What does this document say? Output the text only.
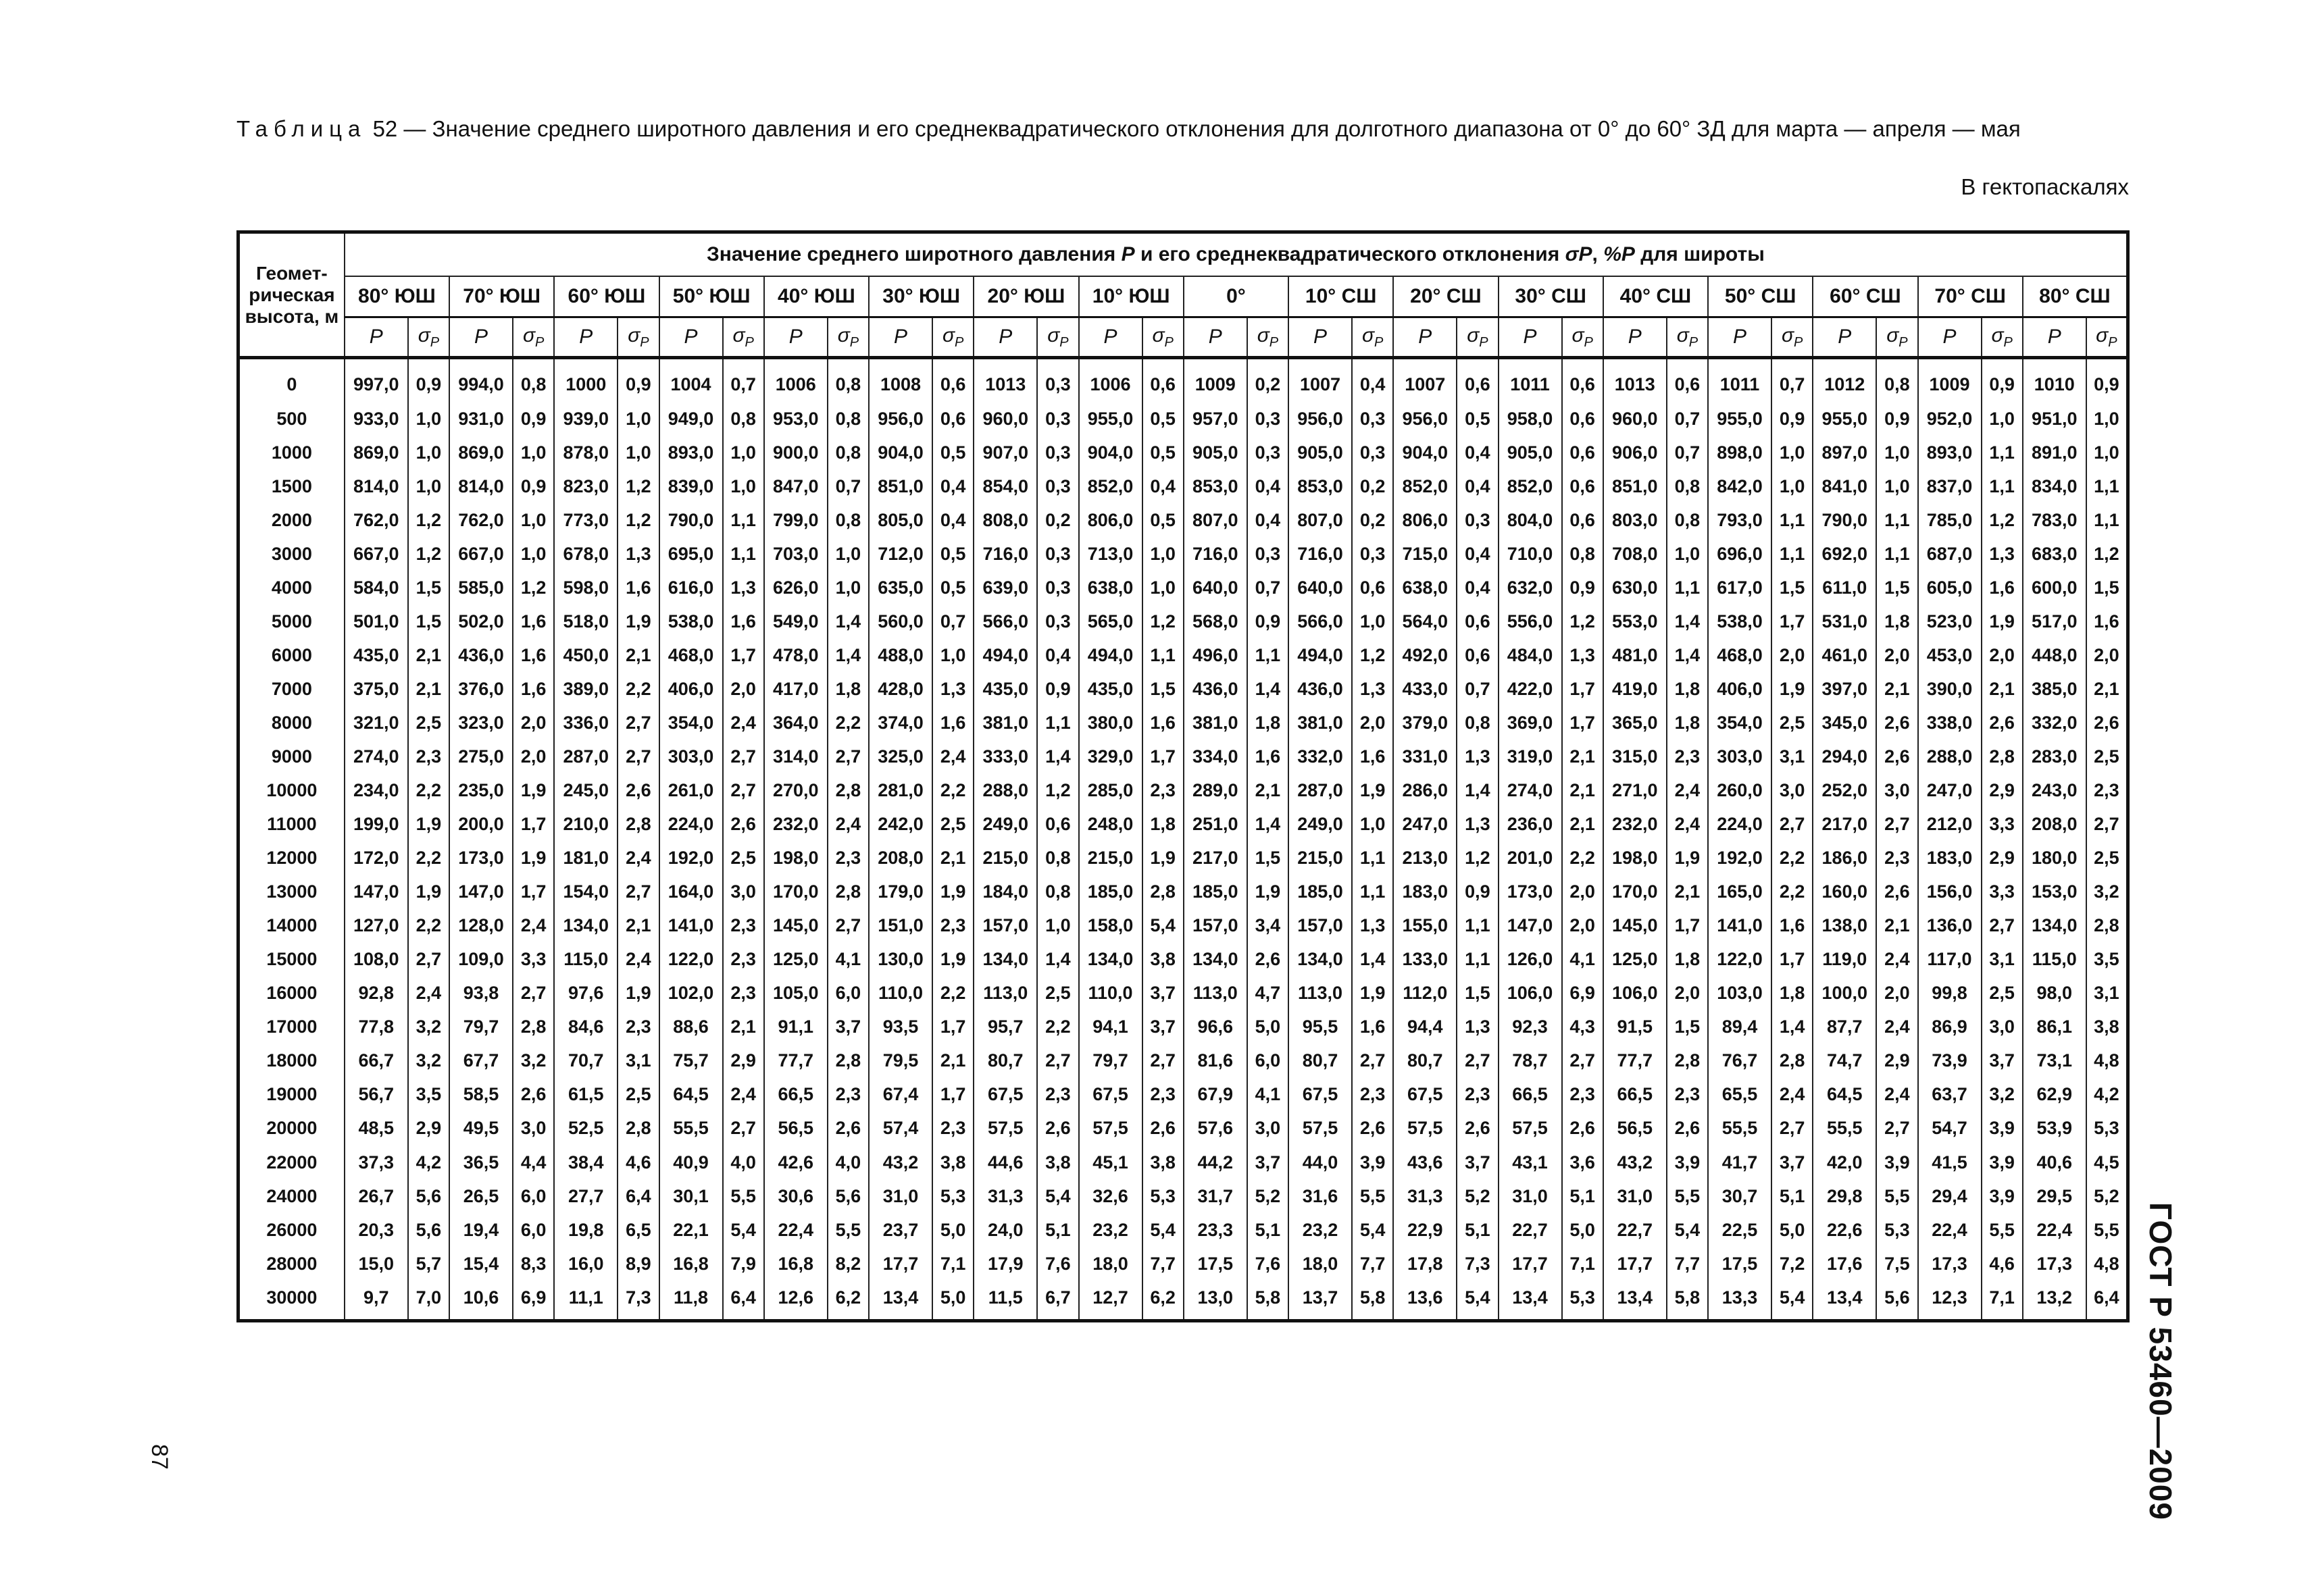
Таблица 52 — Значение среднего широтного давления и его среднеквадратического отклонения для долготного диапазона от 0° до 60° ЗД для марта — апреля — мая
В гектопаскалях
Геомет-рическая высота, м	Значение среднего широтного давления P и его среднеквадратического отклонения σP, %P для широты																																	
	80° ЮШ		70° ЮШ		60° ЮШ		50° ЮШ		40° ЮШ		30° ЮШ		20° ЮШ		10° ЮШ		0°		10° СШ		20° СШ		30° СШ		40° СШ		50° СШ		60° СШ		70° СШ		80° СШ	
	P	$\sigma_P$	P	$\sigma_P$	P	$\sigma_P$	P	$\sigma_P$	P	$\sigma_P$	P	$\sigma_P$	P	$\sigma_P$	P	$\sigma_P$	P	$\sigma_P$	P	$\sigma_P$	P	$\sigma_P$	P	$\sigma_P$	P	$\sigma_P$	P	$\sigma_P$	P	$\sigma_P$	P	$\sigma_P$	P	$\sigma_P$
0	997,0	0,9	994,0	0,8	1000	0,9	1004	0,7	1006	0,8	1008	0,6	1013	0,3	1006	0,6	1009	0,2	1007	0,4	1007	0,6	1011	0,6	1013	0,6	1011	0,7	1012	0,8	1009	0,9	1010	0,9
500	933,0	1,0	931,0	0,9	939,0	1,0	949,0	0,8	953,0	0,8	956,0	0,6	960,0	0,3	955,0	0,5	957,0	0,3	956,0	0,3	956,0	0,5	958,0	0,6	960,0	0,7	955,0	0,9	955,0	0,9	952,0	1,0	951,0	1,0
1000	869,0	1,0	869,0	1,0	878,0	1,0	893,0	1,0	900,0	0,8	904,0	0,5	907,0	0,3	904,0	0,5	905,0	0,3	905,0	0,3	904,0	0,4	905,0	0,6	906,0	0,7	898,0	1,0	897,0	1,0	893,0	1,1	891,0	1,0
1500	814,0	1,0	814,0	0,9	823,0	1,2	839,0	1,0	847,0	0,7	851,0	0,4	854,0	0,3	852,0	0,4	853,0	0,4	853,0	0,2	852,0	0,4	852,0	0,6	851,0	0,8	842,0	1,0	841,0	1,0	837,0	1,1	834,0	1,1
2000	762,0	1,2	762,0	1,0	773,0	1,2	790,0	1,1	799,0	0,8	805,0	0,4	808,0	0,2	806,0	0,5	807,0	0,4	807,0	0,2	806,0	0,3	804,0	0,6	803,0	0,8	793,0	1,1	790,0	1,1	785,0	1,2	783,0	1,1
3000	667,0	1,2	667,0	1,0	678,0	1,3	695,0	1,1	703,0	1,0	712,0	0,5	716,0	0,3	713,0	1,0	716,0	0,3	716,0	0,3	715,0	0,4	710,0	0,8	708,0	1,0	696,0	1,1	692,0	1,1	687,0	1,3	683,0	1,2
4000	584,0	1,5	585,0	1,2	598,0	1,6	616,0	1,3	626,0	1,0	635,0	0,5	639,0	0,3	638,0	1,0	640,0	0,7	640,0	0,6	638,0	0,4	632,0	0,9	630,0	1,1	617,0	1,5	611,0	1,5	605,0	1,6	600,0	1,5
5000	501,0	1,5	502,0	1,6	518,0	1,9	538,0	1,6	549,0	1,4	560,0	0,7	566,0	0,3	565,0	1,2	568,0	0,9	566,0	1,0	564,0	0,6	556,0	1,2	553,0	1,4	538,0	1,7	531,0	1,8	523,0	1,9	517,0	1,6
6000	435,0	2,1	436,0	1,6	450,0	2,1	468,0	1,7	478,0	1,4	488,0	1,0	494,0	0,4	494,0	1,1	496,0	1,1	494,0	1,2	492,0	0,6	484,0	1,3	481,0	1,4	468,0	2,0	461,0	2,0	453,0	2,0	448,0	2,0
7000	375,0	2,1	376,0	1,6	389,0	2,2	406,0	2,0	417,0	1,8	428,0	1,3	435,0	0,9	435,0	1,5	436,0	1,4	436,0	1,3	433,0	0,7	422,0	1,7	419,0	1,8	406,0	1,9	397,0	2,1	390,0	2,1	385,0	2,1
8000	321,0	2,5	323,0	2,0	336,0	2,7	354,0	2,4	364,0	2,2	374,0	1,6	381,0	1,1	380,0	1,6	381,0	1,8	381,0	2,0	379,0	0,8	369,0	1,7	365,0	1,8	354,0	2,5	345,0	2,6	338,0	2,6	332,0	2,6
9000	274,0	2,3	275,0	2,0	287,0	2,7	303,0	2,7	314,0	2,7	325,0	2,4	333,0	1,4	329,0	1,7	334,0	1,6	332,0	1,6	331,0	1,3	319,0	2,1	315,0	2,3	303,0	3,1	294,0	2,6	288,0	2,8	283,0	2,5
10000	234,0	2,2	235,0	1,9	245,0	2,6	261,0	2,7	270,0	2,8	281,0	2,2	288,0	1,2	285,0	2,3	289,0	2,1	287,0	1,9	286,0	1,4	274,0	2,1	271,0	2,4	260,0	3,0	252,0	3,0	247,0	2,9	243,0	2,3
11000	199,0	1,9	200,0	1,7	210,0	2,8	224,0	2,6	232,0	2,4	242,0	2,5	249,0	0,6	248,0	1,8	251,0	1,4	249,0	1,0	247,0	1,3	236,0	2,1	232,0	2,4	224,0	2,7	217,0	2,7	212,0	3,3	208,0	2,7
12000	172,0	2,2	173,0	1,9	181,0	2,4	192,0	2,5	198,0	2,3	208,0	2,1	215,0	0,8	215,0	1,9	217,0	1,5	215,0	1,1	213,0	1,2	201,0	2,2	198,0	1,9	192,0	2,2	186,0	2,3	183,0	2,9	180,0	2,5
13000	147,0	1,9	147,0	1,7	154,0	2,7	164,0	3,0	170,0	2,8	179,0	1,9	184,0	0,8	185,0	2,8	185,0	1,9	185,0	1,1	183,0	0,9	173,0	2,0	170,0	2,1	165,0	2,2	160,0	2,6	156,0	3,3	153,0	3,2
14000	127,0	2,2	128,0	2,4	134,0	2,1	141,0	2,3	145,0	2,7	151,0	2,3	157,0	1,0	158,0	5,4	157,0	3,4	157,0	1,3	155,0	1,1	147,0	2,0	145,0	1,7	141,0	1,6	138,0	2,1	136,0	2,7	134,0	2,8
15000	108,0	2,7	109,0	3,3	115,0	2,4	122,0	2,3	125,0	4,1	130,0	1,9	134,0	1,4	134,0	3,8	134,0	2,6	134,0	1,4	133,0	1,1	126,0	4,1	125,0	1,8	122,0	1,7	119,0	2,4	117,0	3,1	115,0	3,5
16000	92,8	2,4	93,8	2,7	97,6	1,9	102,0	2,3	105,0	6,0	110,0	2,2	113,0	2,5	110,0	3,7	113,0	4,7	113,0	1,9	112,0	1,5	106,0	6,9	106,0	2,0	103,0	1,8	100,0	2,0	99,8	2,5	98,0	3,1
17000	77,8	3,2	79,7	2,8	84,6	2,3	88,6	2,1	91,1	3,7	93,5	1,7	95,7	2,2	94,1	3,7	96,6	5,0	95,5	1,6	94,4	1,3	92,3	4,3	91,5	1,5	89,4	1,4	87,7	2,4	86,9	3,0	86,1	3,8
18000	66,7	3,2	67,7	3,2	70,7	3,1	75,7	2,9	77,7	2,8	79,5	2,1	80,7	2,7	79,7	2,7	81,6	6,0	80,7	2,7	80,7	2,7	78,7	2,7	77,7	2,8	76,7	2,8	74,7	2,9	73,9	3,7	73,1	4,8
19000	56,7	3,5	58,5	2,6	61,5	2,5	64,5	2,4	66,5	2,3	67,4	1,7	67,5	2,3	67,5	2,3	67,9	4,1	67,5	2,3	67,5	2,3	66,5	2,3	66,5	2,3	65,5	2,4	64,5	2,4	63,7	3,2	62,9	4,2
20000	48,5	2,9	49,5	3,0	52,5	2,8	55,5	2,7	56,5	2,6	57,4	2,3	57,5	2,6	57,5	2,6	57,6	3,0	57,5	2,6	57,5	2,6	57,5	2,6	56,5	2,6	55,5	2,7	55,5	2,7	54,7	3,9	53,9	5,3
22000	37,3	4,2	36,5	4,4	38,4	4,6	40,9	4,0	42,6	4,0	43,2	3,8	44,6	3,8	45,1	3,8	44,2	3,7	44,0	3,9	43,6	3,7	43,1	3,6	43,2	3,9	41,7	3,7	42,0	3,9	41,5	3,9	40,6	4,5
24000	26,7	5,6	26,5	6,0	27,7	6,4	30,1	5,5	30,6	5,6	31,0	5,3	31,3	5,4	32,6	5,3	31,7	5,2	31,6	5,5	31,3	5,2	31,0	5,1	31,0	5,5	30,7	5,1	29,8	5,5	29,4	3,9	29,5	5,2
26000	20,3	5,6	19,4	6,0	19,8	6,5	22,1	5,4	22,4	5,5	23,7	5,0	24,0	5,1	23,2	5,4	23,3	5,1	23,2	5,4	22,9	5,1	22,7	5,0	22,7	5,4	22,5	5,0	22,6	5,3	22,4	5,5	22,4	5,5
28000	15,0	5,7	15,4	8,3	16,0	8,9	16,8	7,9	16,8	8,2	17,7	7,1	17,9	7,6	18,0	7,7	17,5	7,6	18,0	7,7	17,8	7,3	17,7	7,1	17,7	7,7	17,5	7,2	17,6	7,5	17,3	4,6	17,3	4,8
30000	9,7	7,0	10,6	6,9	11,1	7,3	11,8	6,4	12,6	6,2	13,4	5,0	11,5	6,7	12,7	6,2	13,0	5,8	13,7	5,8	13,6	5,4	13,4	5,3	13,4	5,8	13,3	5,4	13,4	5,6	12,3	7,1	13,2	6,4 ГОСТ Р 53460—2009
87
